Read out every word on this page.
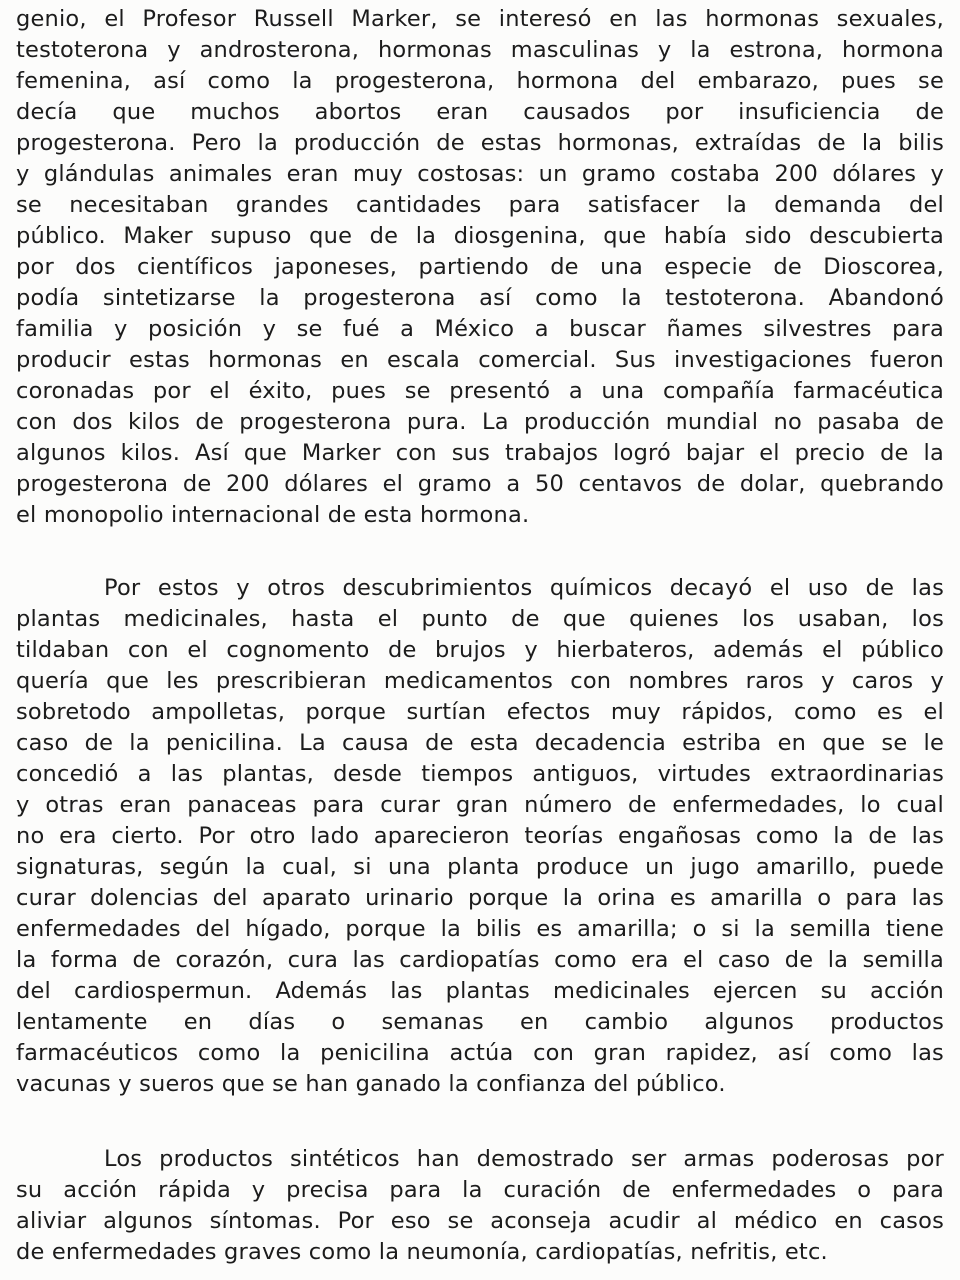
genio, el Profesor Russell Marker, se interesó en las hormonas sexuales,
testoterona y androsterona, hormonas masculinas y la estrona, hormona
femenina, así como la progesterona, hormona del embarazo, pues se
decía que muchos abortos eran causados por insuficiencia de
progesterona. Pero la producción de estas hormonas, extraídas de la bilis
y glándulas animales eran muy costosas: un gramo costaba 200 dólares y
se necesitaban grandes cantidades para satisfacer la demanda del
público. Maker supuso que de la diosgenina, que había sido descubierta
por dos científicos japoneses, partiendo de una especie de Dioscorea,
podía sintetizarse la progesterona así como la testoterona. Abandonó
familia y posición y se fué a México a buscar ñames silvestres para
producir estas hormonas en escala comercial. Sus investigaciones fueron
coronadas por el éxito, pues se presentó a una compañía farmacéutica
con dos kilos de progesterona pura. La producción mundial no pasaba de
algunos kilos. Así que Marker con sus trabajos logró bajar el precio de la
progesterona de 200 dólares el gramo a 50 centavos de dolar, quebrando
el monopolio internacional de esta hormona.
Por estos y otros descubrimientos químicos decayó el uso de las
plantas medicinales, hasta el punto de que quienes los usaban, los
tildaban con el cognomento de brujos y hierbateros, además el público
quería que les prescribieran medicamentos con nombres raros y caros y
sobretodo ampolletas, porque surtían efectos muy rápidos, como es el
caso de la penicilina. La causa de esta decadencia estriba en que se le
concedió a las plantas, desde tiempos antiguos, virtudes extraordinarias
y otras eran panaceas para curar gran número de enfermedades, lo cual
no era cierto. Por otro lado aparecieron teorías engañosas como la de las
signaturas, según la cual, si una planta produce un jugo amarillo, puede
curar dolencias del aparato urinario porque la orina es amarilla o para las
enfermedades del hígado, porque la bilis es amarilla; o si la semilla tiene
la forma de corazón, cura las cardiopatías como era el caso de la semilla
del cardiospermun. Además las plantas medicinales ejercen su acción
lentamente en días o semanas en cambio algunos productos
farmacéuticos como la penicilina actúa con gran rapidez, así como las
vacunas y sueros que se han ganado la confianza del público.
Los productos sintéticos han demostrado ser armas poderosas por
su acción rápida y precisa para la curación de enfermedades o para
aliviar algunos síntomas. Por eso se aconseja acudir al médico en casos
de enfermedades graves como la neumonía, cardiopatías, nefritis, etc.
